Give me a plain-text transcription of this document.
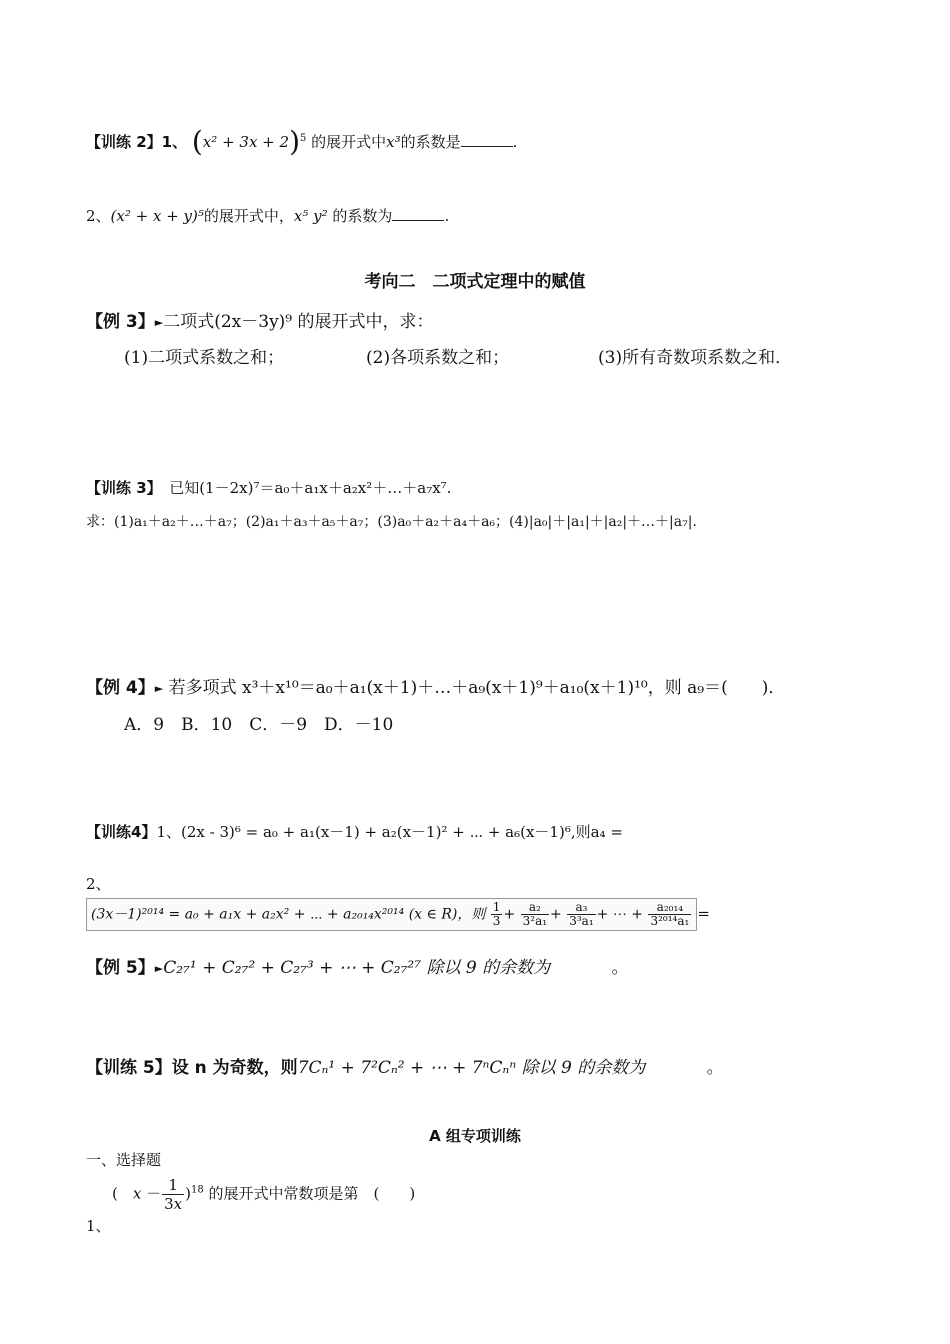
【训练 2】1、 $(x^2 + 3x + 2)^5$ 的展开式中x³的系数是	.
2、(x² + x + y)⁵的展开式中，x⁵ y² 的系数为	.
考向二　二项式定理中的赋值
【例 3】►二项式(2x－3y)⁹ 的展开式中，求：
(1)二项式系数之和；	(2)各项系数之和；	(3)所有奇数项系数之和．
【训练 3】　 已知(1－2x)⁷＝a₀＋a₁x＋a₂x²＋…＋a₇x⁷.
求：(1)a₁＋a₂＋…＋a₇；(2)a₁＋a₃＋a₅＋a₇；(3)a₀＋a₂＋a₄＋a₆；(4)|a₀|＋|a₁|＋|a₂|＋…＋|a₇|.
【例 4】► 若多项式 x³＋x¹⁰＝a₀＋a₁(x＋1)＋…＋a₉(x＋1)⁹＋a₁₀(x＋1)¹⁰，则 a₉＝(　　)．
A．9　B．10　C．－9　D．－10
【训练4】1、(2x - 3)⁶ = a₀ + a₁(x－1) + a₂(x－1)² + ⋯ + a₆(x－1)⁶,则a₄ =
2、
(3x－1)²⁰¹⁴ = a₀ + a₁x + a₂x² + ⋯ + a₂₀₁₄x²⁰¹⁴ (x ∈ R)，则 $\frac{1}{3} + \frac{\text{a₂}}{\text{3²a₁}} + \frac{\text{a₃}}{\text{3³a₁}}$ + ⋯ + $\frac{\text{a₂₀₁₄}}{\text{3²⁰¹⁴a₁}}$ =
【例 5】►C₂₇¹ + C₂₇² + C₂₇³ + ⋯ + C₂₇²⁷ 除以 9 的余数为	。
【训练 5】设 n 为奇数，则7Cₙ¹ + 7²Cₙ² + ⋯ + 7ⁿCₙⁿ 除以 9 的余数为	。
A 组专项训练
一、选择题
(　$x - \frac{1}{3x} )^{18}$ 的展开式中常数项是第　(　　)
1、
